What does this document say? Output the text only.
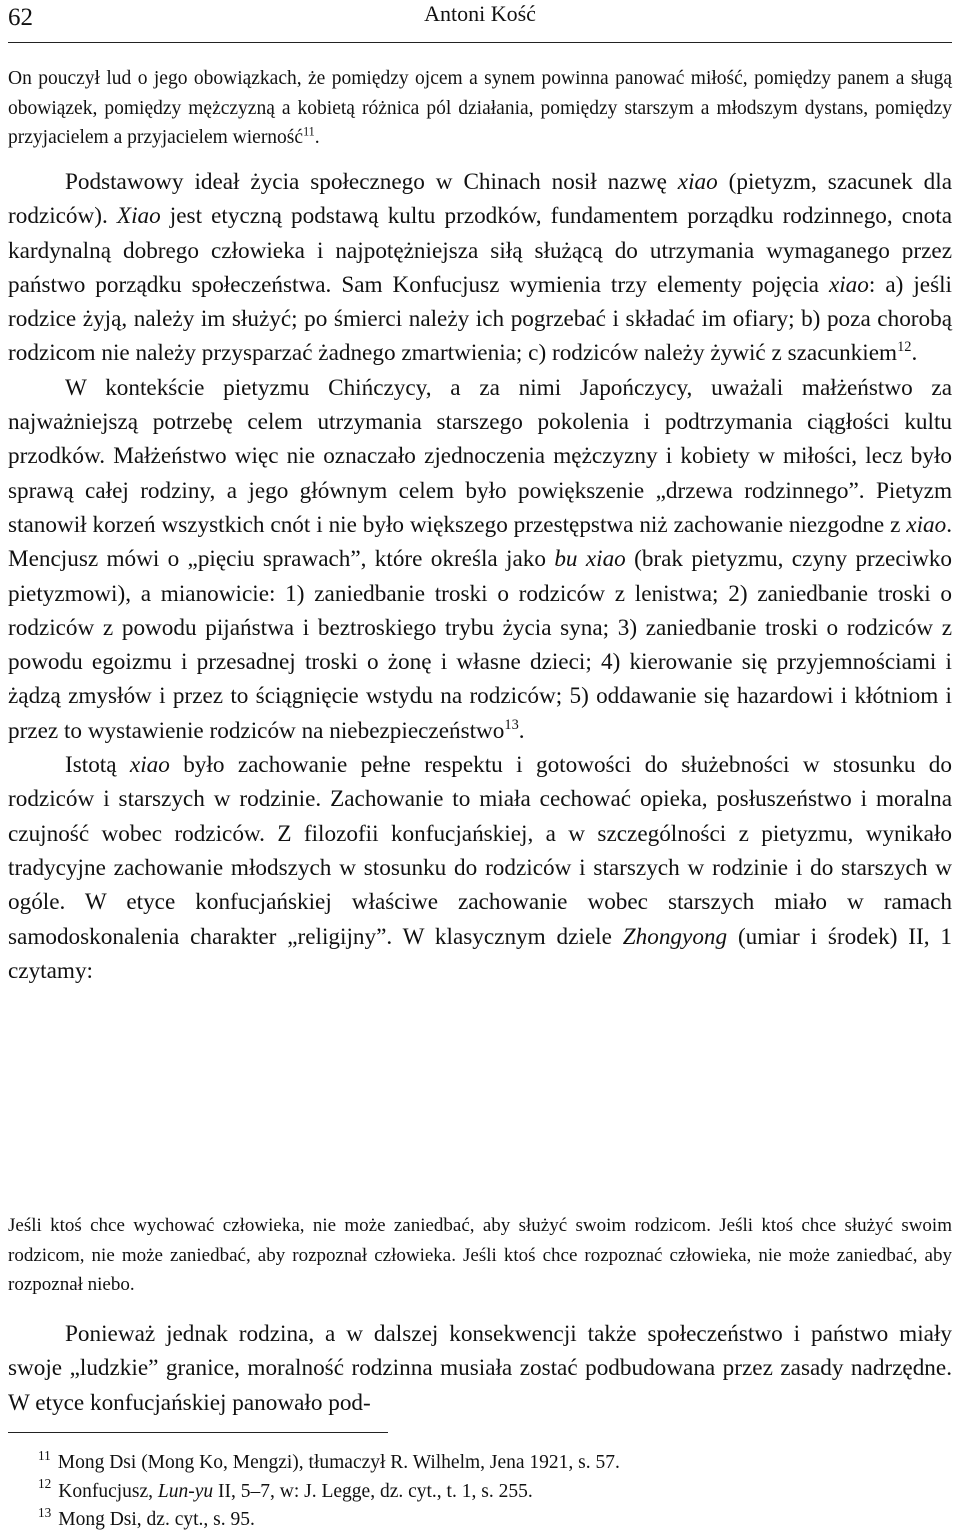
62	Antoni Kość
On pouczył lud o jego obowiązkach, że pomiędzy ojcem a synem powinna panować miłość, pomiędzy panem a sługą obowiązek, pomiędzy mężczyzną a kobietą różnica pól działania, pomiędzy starszym a młodszym dystans, pomiędzy przyjacielem a przyjacielem wierność$^{11}$.

Podstawowy ideał życia społecznego w Chinach nosił nazwę xiao (pietyzm, szacunek dla rodziców). Xiao jest etyczną podstawą kultu przodków, fundamentem porządku rodzinnego, cnota kardynalną dobrego człowieka i najpotężniejsza siłą służącą do utrzymania wymaganego przez państwo porządku społeczeństwa. Sam Konfucjusz wymienia trzy elementy pojęcia xiao: a) jeśli rodzice żyją, należy im służyć; po śmierci należy ich pogrzebać i składać im ofiary; b) poza chorobą rodzicom nie należy przysparzać żadnego zmartwienia; c) rodziców należy żywić z szacunkiem$^{12}$.

W kontekście pietyzmu Chińczycy, a za nimi Japończycy, uważali małżeństwo za najważniejszą potrzebę celem utrzymania starszego pokolenia i podtrzymania ciągłości kultu przodków. Małżeństwo więc nie oznaczało zjednoczenia mężczyzny i kobiety w miłości, lecz było sprawą całej rodziny, a jego głównym celem było powiększenie „drzewa rodzinnego”. Pietyzm stanowił korzeń wszystkich cnót i nie było większego przestępstwa niż zachowanie niezgodne z xiao. Mencjusz mówi o „pięciu sprawach”, które określa jako bu xiao (brak pietyzmu, czyny przeciwko pietyzmowi), a mianowicie: 1) zaniedbanie troski o rodziców z lenistwa; 2) zaniedbanie troski o rodziców z powodu pijaństwa i beztroskiego trybu życia syna; 3) zaniedbanie troski o rodziców z powodu egoizmu i przesadnej troski o żonę i własne dzieci; 4) kierowanie się przyjemnościami i żądzą zmysłów i przez to ściągnięcie wstydu na rodziców; 5) oddawanie się hazardowi i kłótniom i przez to wystawienie rodziców na niebezpieczeństwo$^{13}$.

Istotą xiao było zachowanie pełne respektu i gotowości do służebności w stosunku do rodziców i starszych w rodzinie. Zachowanie to miała cechować opieka, posłuszeństwo i moralna czujność wobec rodziców. Z filozofii konfucjańskiej, a w szczególności z pietyzmu, wynikało tradycyjne zachowanie młodszych w stosunku do rodziców i starszych w rodzinie i do starszych w ogóle. W etyce konfucjańskiej właściwe zachowanie wobec starszych miało w ramach samodoskonalenia charakter „religijny”. W klasycznym dziele Zhongyong (umiar i środek) II, 1 czytamy:

Jeśli ktoś chce wychować człowieka, nie może zaniedbać, aby służyć swoim rodzicom. Jeśli ktoś chce służyć swoim rodzicom, nie może zaniedbać, aby rozpoznał człowieka. Jeśli ktoś chce rozpoznać człowieka, nie może zaniedbać, aby rozpoznał niebo.
Ponieważ jednak rodzina, a w dalszej konsekwencji także społeczeństwo i państwo miały swoje „ludzkie” granice, moralność rodzinna musiała zostać podbudowana przez zasady nadrzędne. W etyce konfucjańskiej panowało pod-
$^{11}$ Mong Dsi (Mong Ko, Mengzi), tłumaczył R. Wilhelm, Jena 1921, s. 57.
$^{12}$ Konfucjusz, Lun-yu II, 5–7, w: J. Legge, dz. cyt., t. 1, s. 255.
$^{13}$ Mong Dsi, dz. cyt., s. 95.
